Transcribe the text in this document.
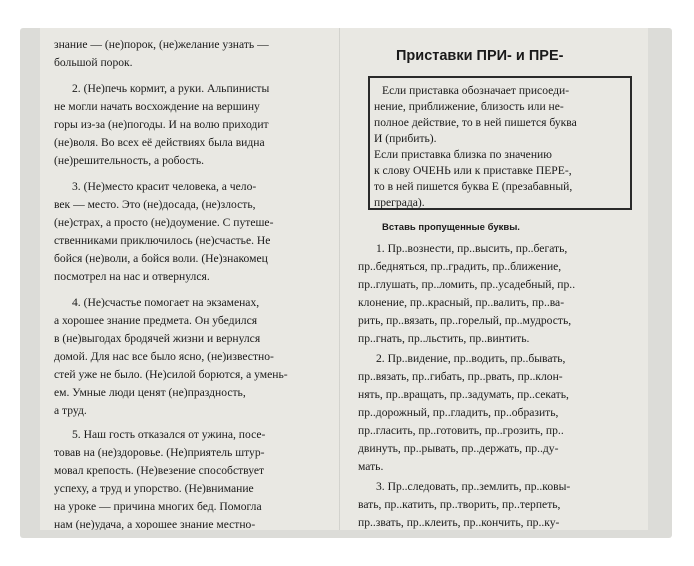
знание — (не)порок, (не)желание узнать —
большой порок.
2. (Не)печь кормит, а руки. Альпинисты
не могли начать восхождение на вершину
горы из-за (не)погоды. И на волю приходит
(не)воля. Во всех её действиях была видна
(не)решительность, а робость.
3. (Не)место красит человека, а чело-
век — место. Это (не)досада, (не)злость,
(не)страх, а просто (не)доумение. С путеше-
ственниками приключилось (не)счастье. Не
бойся (не)воли, а бойся воли. (Не)знакомец
посмотрел на нас и отвернулся.
4. (Не)счастье помогает на экзаменах,
а хорошее знание предмета. Он убедился
в (не)выгодах бродячей жизни и вернулся
домой. Для нас все было ясно, (не)известно-
стей уже не было. (Не)силой борются, а умень-
ем. Умные люди ценят (не)праздность,
а труд.
5. Наш гость отказался от ужина, посе-
товав на (не)здоровье. (Не)приятель штур-
мовал крепость. (Не)везение способствует
успеху, а труд и упорство. (Не)внимание
на уроке — причина многих бед. Помогла
нам (не)удача, а хорошее знание местно-
Приставки ПРИ- и ПРЕ-
Если приставка обозначает присоеди-
нение, приближение, близость или не-
полное действие, то в ней пишется буква
И (прибить).
Если приставка близка по значению
к слову ОЧЕНЬ или к приставке ПЕРЕ-,
то в ней пишется буква Е (презабавный,
преграда).
Вставь пропущенные буквы.
1. Пр..вознести, пр..высить, пр..бегать,
пр..бедняться, пр..градить, пр..ближение,
пр..глушать, пр..ломить, пр..усадебный, пр..
клонение, пр..красный, пр..валить, пр..ва-
рить, пр..вязать, пр..горелый, пр..мудрость,
пр..гнать, пр..льстить, пр..винтить.
2. Пр..видение, пр..водить, пр..бывать,
пр..вязать, пр..гибать, пр..рвать, пр..клон-
нять, пр..вращать, пр..задумать, пр..секать,
пр..дорожный, пр..гладить, пр..образить,
пр..гласить, пр..готовить, пр..грозить, пр..
двинуть, пр..рывать, пр..держать, пр..ду-
мать.
3. Пр..следовать, пр..землить, пр..ковы-
вать, пр..катить, пр..творить, пр..терпеть,
пр..звать, пр..клеить, пр..кончить, пр..ку-
